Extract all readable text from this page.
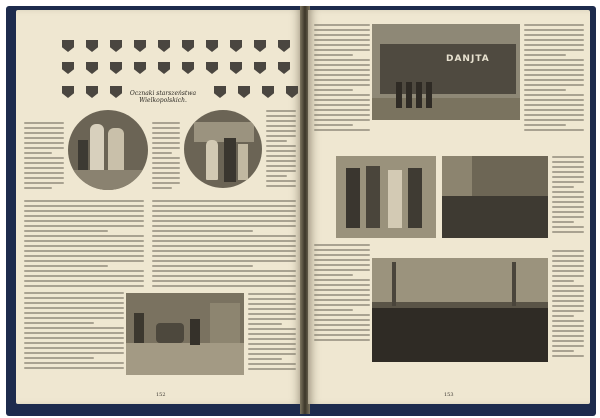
Ocznaki starszeństwa
Wielkopolskich.
152
DANJTA
153
